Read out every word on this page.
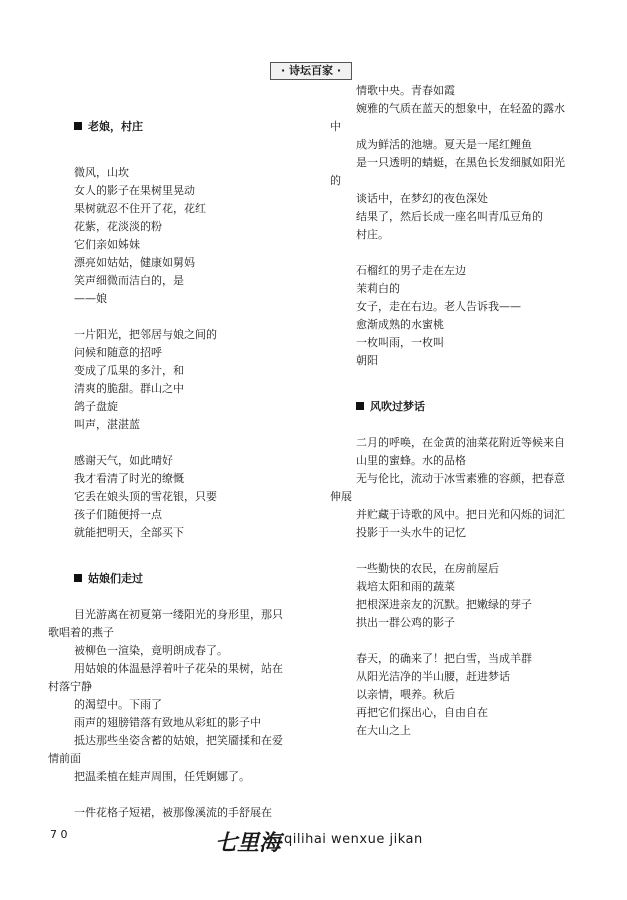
· 诗坛百家 ·
老娘，村庄
微风，山坎
女人的影子在果树里晃动
果树就忍不住开了花，花红
花紫，花淡淡的粉
它们亲如姊妹
漂亮如姑姑，健康如舅妈
笑声细微而洁白的，是
——娘
一片阳光，把邻居与娘之间的
问候和随意的招呼
变成了瓜果的多汁，和
清爽的脆甜。群山之中
鸽子盘旋
叫声，湛湛蓝
感谢天气，如此晴好
我才看清了时光的缭慨
它丢在娘头顶的雪花银，只要
孩子们随便捋一点
就能把明天，全部买下
姑娘们走过
目光游离在初夏第一缕阳光的身形里，那只
歌唱着的燕子
被柳色一渲染，竟明朗成春了。
用姑娘的体温悬浮着叶子花朵的果树，站在
村落宁静
的渴望中。下雨了
雨声的翅膀错落有致地从彩虹的影子中
抵达那些坐姿含蓄的姑娘，把笑靥揉和在爱
情前面
把温柔植在蛙声周围，任凭婀娜了。
一件花格子短裙，被那像溪流的手舒展在
情歌中央。青春如霞
婉雅的气质在蓝天的想象中，在轻盈的露水
中
成为鲜活的池塘。夏天是一尾红鲤鱼
是一只透明的蜻蜓，在黑色长发细腻如阳光
的
谈话中，在梦幻的夜色深处
结果了，然后长成一座名叫青瓜豆角的
村庄。
石榴红的男子走在左边
茉莉白的
女子，走在右边。老人告诉我——
愈渐成熟的水蜜桃
一枚叫雨，一枚叫
朝阳
风吹过梦话
二月的呼唤，在金黄的油菜花附近等候来自
山里的蜜蜂。水的品格
无与伦比，流动于冰雪素雅的容颜，把春意
伸展
并贮藏于诗歌的风中。把日光和闪烁的词汇
投影于一头水牛的记忆
一些勤快的农民，在房前屋后
栽培太阳和雨的蔬菜
把根深进亲友的沉默。把嫩绿的芽子
拱出一群公鸡的影子
春天，的确来了！把白雪，当成羊群
从阳光洁净的半山腰，赶进梦话
以亲情，喂养。秋后
再把它们探出心，自由自在
在大山之上
7 0	七里海 qilihai wenxue jikan
